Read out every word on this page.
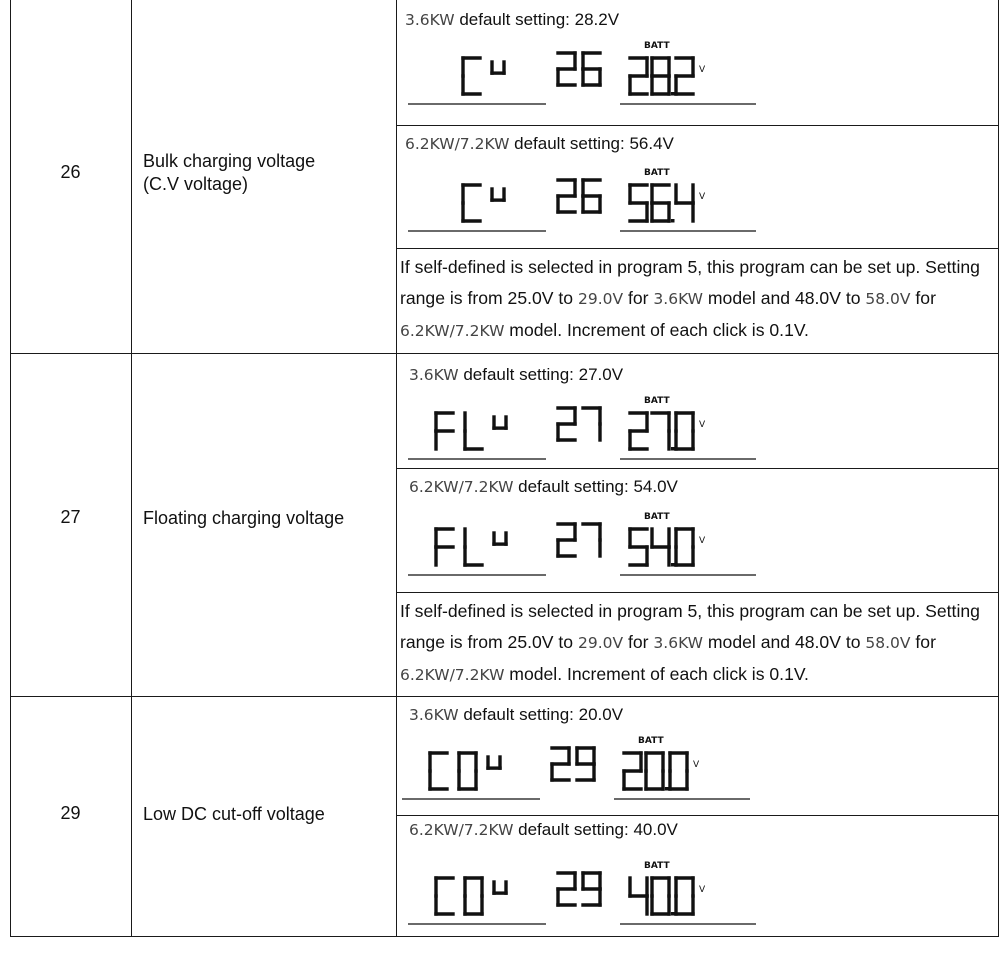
26
Bulk charging voltage
(C.V voltage)
3.6KW default setting: 28.2V
BATT
V
6.2KW/7.2KW default setting: 56.4V
BATT
V
If self-defined is selected in program 5, this program can be set up. Setting range is from 25.0V to 29.0V for 3.6KW model and 48.0V to 58.0V for 6.2KW/7.2KW model. Increment of each click is 0.1V.
27	Floating charging voltage
3.6KW default setting: 27.0V
BATT
V
6.2KW/7.2KW default setting: 54.0V
BATT
V
If self-defined is selected in program 5, this program can be set up. Setting range is from 25.0V to 29.0V for 3.6KW model and 48.0V to 58.0V for 6.2KW/7.2KW model. Increment of each click is 0.1V.
29	Low DC cut-off voltage
3.6KW default setting: 20.0V
BATT
V
6.2KW/7.2KW default setting: 40.0V
BATT
V
